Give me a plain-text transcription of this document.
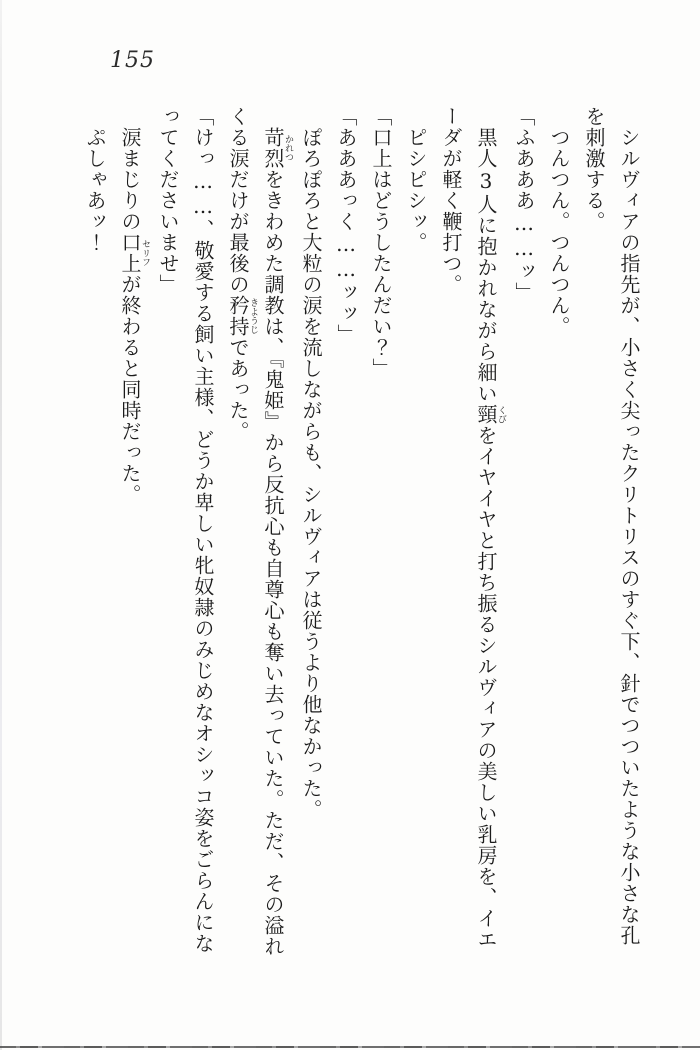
155

シルヴィアの指先が、小さく尖ったクリトリスのすぐ下、針でつついたような小さな孔を刺激する。

つんつん。つんつん。

「ふあああ……ッ」

黒人3人に抱かれながら細い頸くびをイヤイヤと打ち振るシルヴィアの美しい乳房を、イエーダが軽く鞭打つ。

ピシピシッ。

「口上はどうしたんだい？」

「あああっく……ッッ」

ぽろぽろと大粒の涙を流しながらも、シルヴィアは従うより他なかった。

苛烈かれつをきわめた調教は、『鬼姫』から反抗心も自尊心も奪い去っていた。ただ、その溢れくる涙だけが最後の矜持きようじであった。

「けっ……、敬愛する飼い主様、どうか卑しい牝奴隷のみじめなオシッコ姿をごらんになってくださいませ」

涙まじりの口上セリフが終わると同時だった。

ぷしゃあッ！
